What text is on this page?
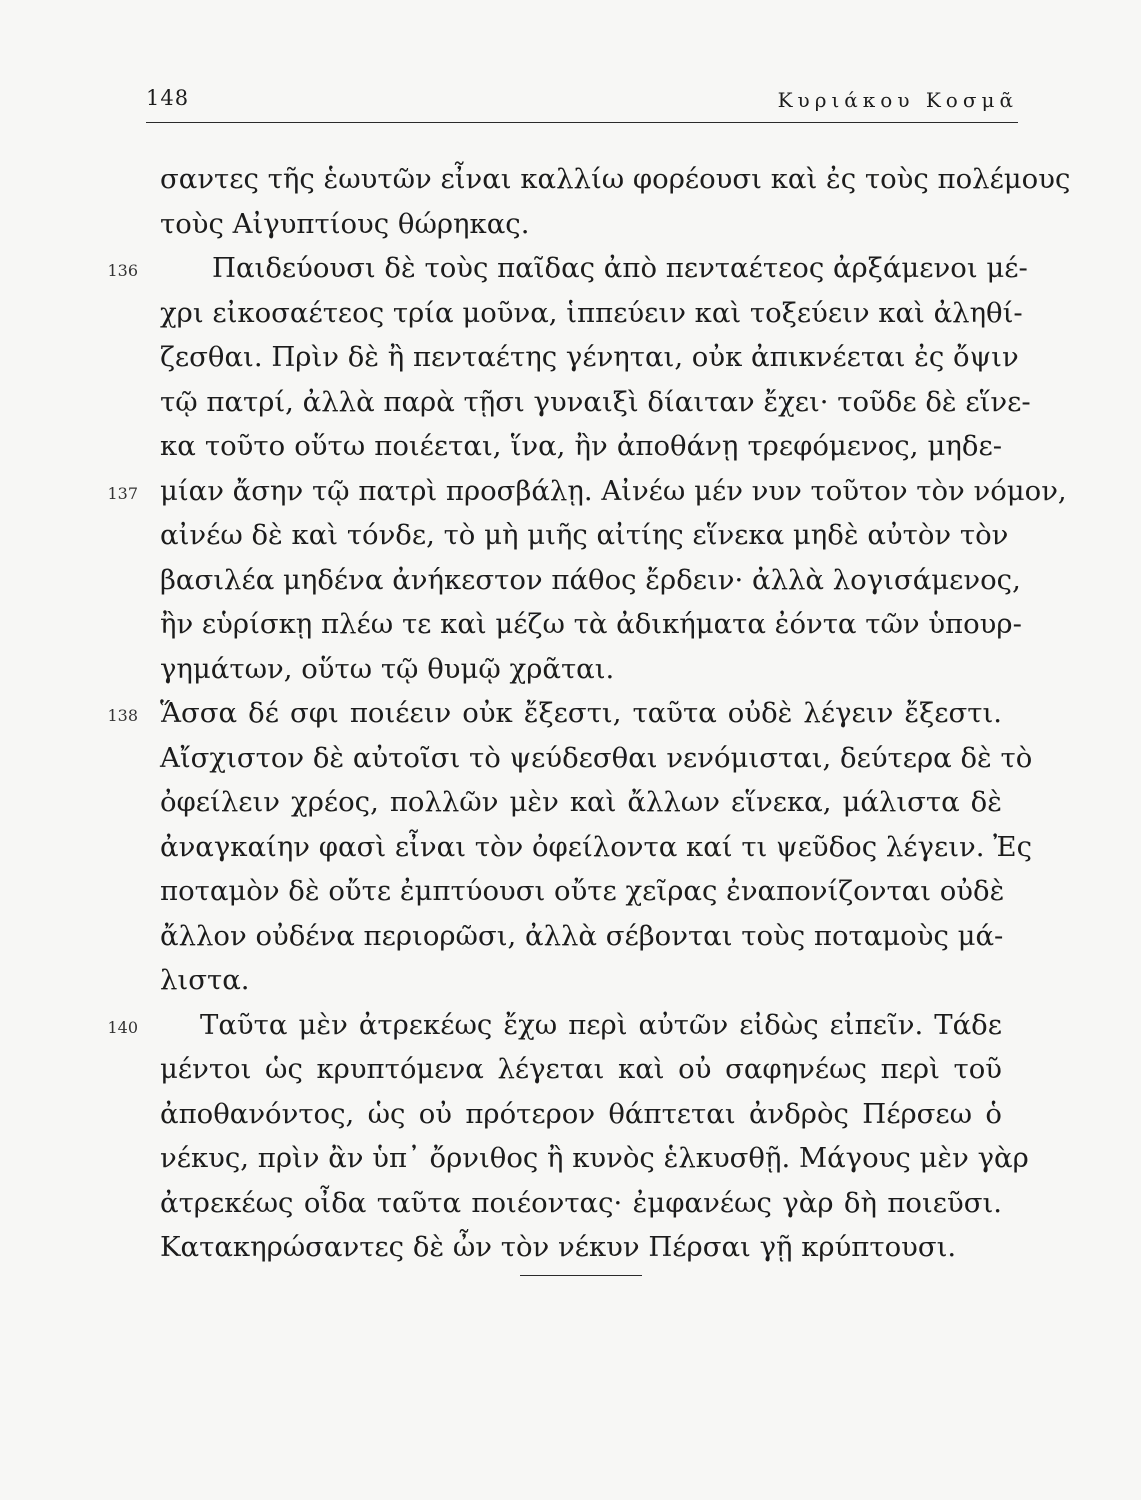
148	Κυριάκου Κοσμᾶ
σαντες τῆς ἑωυτῶν εἶναι καλλίω φορέουσι καὶ ἐς τοὺς πολέμους
τοὺς Αἰγυπτίους θώρηκας.
Παιδεύουσι δὲ τοὺς παῖδας ἀπὸ πενταέτεος ἀρξάμενοι μέ-
136
χρι εἰκοσαέτεος τρία μοῦνα, ἱππεύειν καὶ τοξεύειν καὶ ἀληθί-
ζεσθαι. Πρὶν δὲ ἢ πενταέτης γένηται, οὐκ ἀπικνέεται ἐς ὄψιν
τῷ πατρί, ἀλλὰ παρὰ τῇσι γυναιξὶ δίαιταν ἔχει· τοῦδε δὲ εἵνε-
κα τοῦτο οὕτω ποιέεται, ἵνα, ἢν ἀποθάνῃ τρεφόμενος, μηδε-
μίαν ἄσην τῷ πατρὶ προσβάλῃ. Αἰνέω μέν νυν τοῦτον τὸν νόμον,
137
αἰνέω δὲ καὶ τόνδε, τὸ μὴ μιῆς αἰτίης εἵνεκα μηδὲ αὐτὸν τὸν
βασιλέα μηδένα ἀνήκεστον πάθος ἔρδειν· ἀλλὰ λογισάμενος,
ἢν εὑρίσκῃ πλέω τε καὶ μέζω τὰ ἀδικήματα ἐόντα τῶν ὑπουρ-
γημάτων, οὕτω τῷ θυμῷ χρᾶται.
Ἅσσα δέ σφι ποιέειν οὐκ ἔξεστι, ταῦτα οὐδὲ λέγειν ἔξεστι.
138
Αἴσχιστον δὲ αὐτοῖσι τὸ ψεύδεσθαι νενόμισται, δεύτερα δὲ τὸ
ὀφείλειν χρέος, πολλῶν μὲν καὶ ἄλλων εἵνεκα, μάλιστα δὲ
ἀναγκαίην φασὶ εἶναι τὸν ὀφείλοντα καί τι ψεῦδος λέγειν. Ἐς
ποταμὸν δὲ οὔτε ἐμπτύουσι οὔτε χεῖρας ἐναπονίζονται οὐδὲ
ἄλλον οὐδένα περιορῶσι, ἀλλὰ σέβονται τοὺς ποταμοὺς μά-
λιστα.
Ταῦτα μὲν ἀτρεκέως ἔχω περὶ αὐτῶν εἰδὼς εἰπεῖν. Τάδε
140
μέντοι ὡς κρυπτόμενα λέγεται καὶ οὐ σαφηνέως περὶ τοῦ
ἀποθανόντος, ὡς οὐ πρότερον θάπτεται ἀνδρὸς Πέρσεω ὁ
νέκυς, πρὶν ἂν ὑπ᾿ ὄρνιθος ἢ κυνὸς ἑλκυσθῇ. Μάγους μὲν γὰρ
ἀτρεκέως οἶδα ταῦτα ποιέοντας· ἐμφανέως γὰρ δὴ ποιεῦσι.
Κατακηρώσαντες δὲ ὦν τὸν νέκυν Πέρσαι γῇ κρύπτουσι.
